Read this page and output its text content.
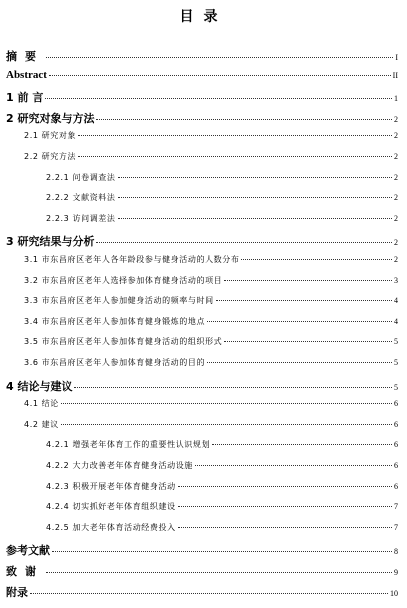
目录
摘要	I
Abstract	II
1 前 言	1
2 研究对象与方法	2
2.1 研究对象	2
2.2 研究方法	2
2.2.1 问卷调查法	2
2.2.2 文献资料法	2
2.2.3 访问调差法	2
3 研究结果与分析	2
3.1 市东昌府区老年人各年龄段参与健身活动的人数分布	2
3.2 市东昌府区老年人选择参加体育健身活动的项目	3
3.3 市东昌府区老年人参加健身活动的频率与时间	4
3.4 市东昌府区老年人参加体育健身锻炼的地点	4
3.5 市东昌府区老年人参加体育健身活动的组织形式	5
3.6 市东昌府区老年人参加体育健身活动的目的	5
4 结论与建议	5
4.1 结论	6
4.2 建议	6
4.2.1 增强老年体育工作的重要性认识规划	6
4.2.2 大力改善老年体育健身活动设施	6
4.2.3 积极开展老年体育健身活动	6
4.2.4 切实抓好老年体育组织建设	7
4.2.5 加大老年体育活动经费投入	7
参考文献	8
致谢	9
附录	10
